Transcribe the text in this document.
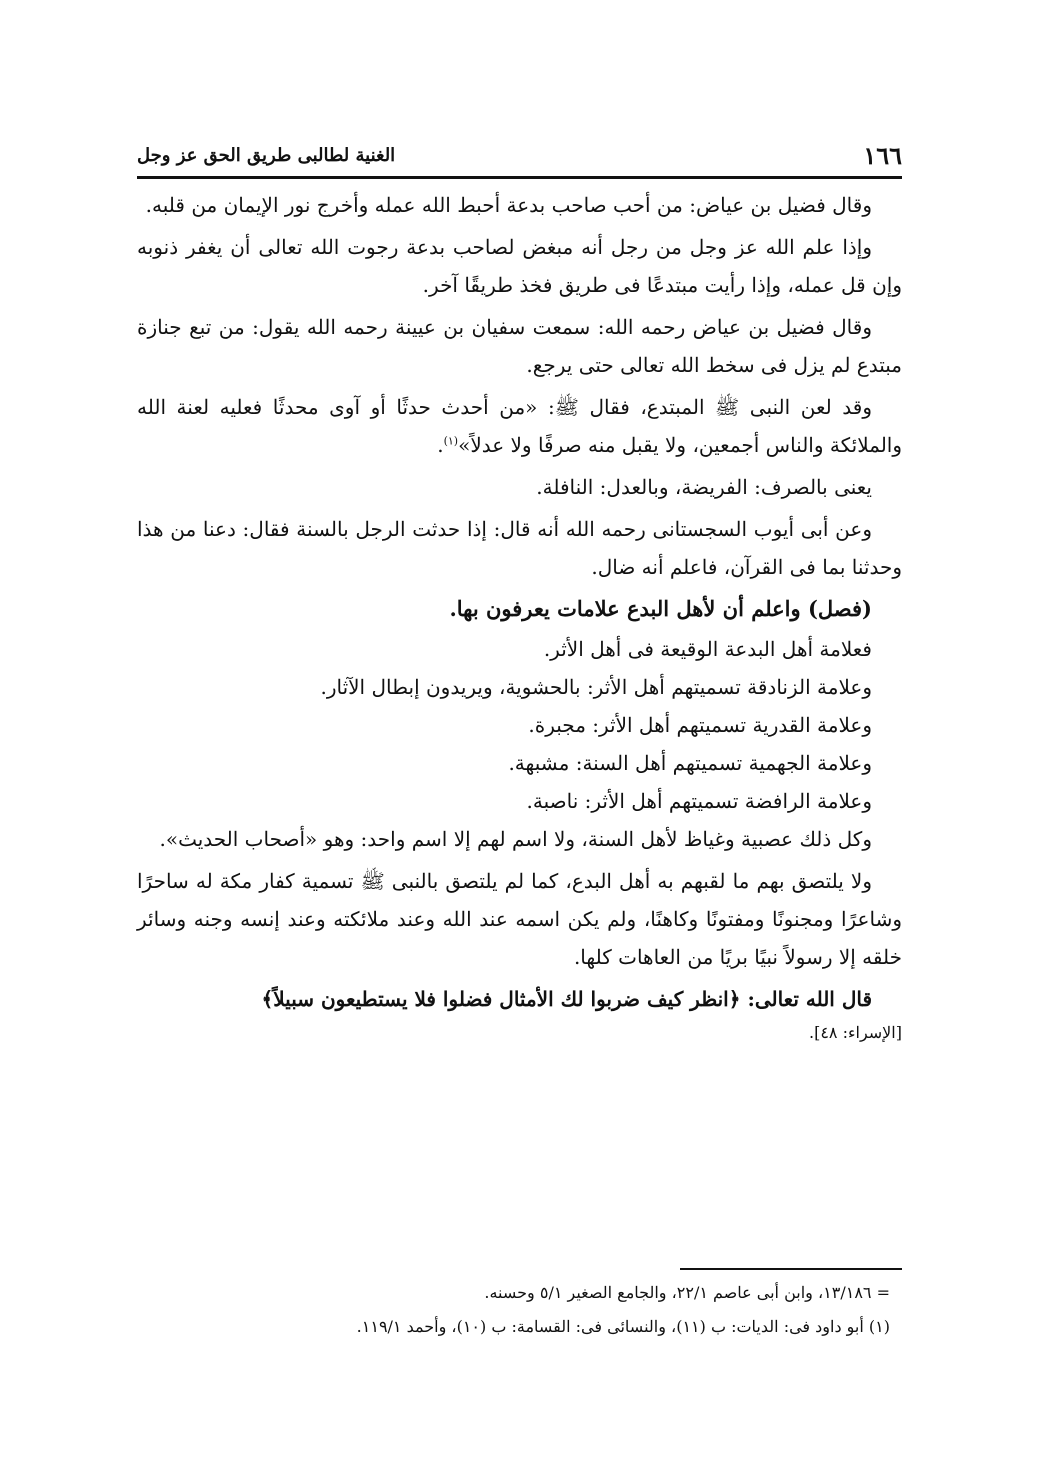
١٦٦
الغنية لطالبى طريق الحق عز وجل

وقال فضيل بن عياض: من أحب صاحب بدعة أحبط الله عمله وأخرج نور الإيمان من قلبه.

وإذا علم الله عز وجل من رجل أنه مبغض لصاحب بدعة رجوت الله تعالى أن يغفر ذنوبه وإن قل عمله، وإذا رأيت مبتدعًا فى طريق فخذ طريقًا آخر.

وقال فضيل بن عياض رحمه الله: سمعت سفيان بن عيينة رحمه الله يقول: من تبع جنازة مبتدع لم يزل فى سخط الله تعالى حتى يرجع.

وقد لعن النبى ﷺ المبتدع، فقال ﷺ: «من أحدث حدثًا أو آوى محدثًا فعليه لعنة الله والملائكة والناس أجمعين، ولا يقبل منه صرفًا ولا عدلاً»$^{(١)}$.

يعنى بالصرف: الفريضة، وبالعدل: النافلة.

وعن أبى أيوب السجستانى رحمه الله أنه قال: إذا حدثت الرجل بالسنة فقال: دعنا من هذا وحدثنا بما فى القرآن، فاعلم أنه ضال.

(فصل) واعلم أن لأهل البدع علامات يعرفون بها.

فعلامة أهل البدعة الوقيعة فى أهل الأثر.

وعلامة الزنادقة تسميتهم أهل الأثر: بالحشوية، ويريدون إبطال الآثار.

وعلامة القدرية تسميتهم أهل الأثر: مجبرة.

وعلامة الجهمية تسميتهم أهل السنة: مشبهة.

وعلامة الرافضة تسميتهم أهل الأثر: ناصبة.

وكل ذلك عصبية وغياظ لأهل السنة، ولا اسم لهم إلا اسم واحد: وهو «أصحاب الحديث».

ولا يلتصق بهم ما لقبهم به أهل البدع، كما لم يلتصق بالنبى ﷺ تسمية كفار مكة له ساحرًا وشاعرًا ومجنونًا ومفتونًا وكاهنًا، ولم يكن اسمه عند الله وعند ملائكته وعند إنسه وجنه وسائر خلقه إلا رسولاً نبيًا بريًا من العاهات كلها.

قال الله تعالى: ﴿انظر كيف ضربوا لك الأمثال فضلوا فلا يستطيعون سبيلاً﴾

[الإسراء: ٤٨].

= ١٣/١٨٦، وابن أبى عاصم ٢٢/١، والجامع الصغير ٥/١ وحسنه.

(١) أبو داود فى: الديات: ب (١١)، والنسائى فى: القسامة: ب (١٠)، وأحمد ١١٩/١.
